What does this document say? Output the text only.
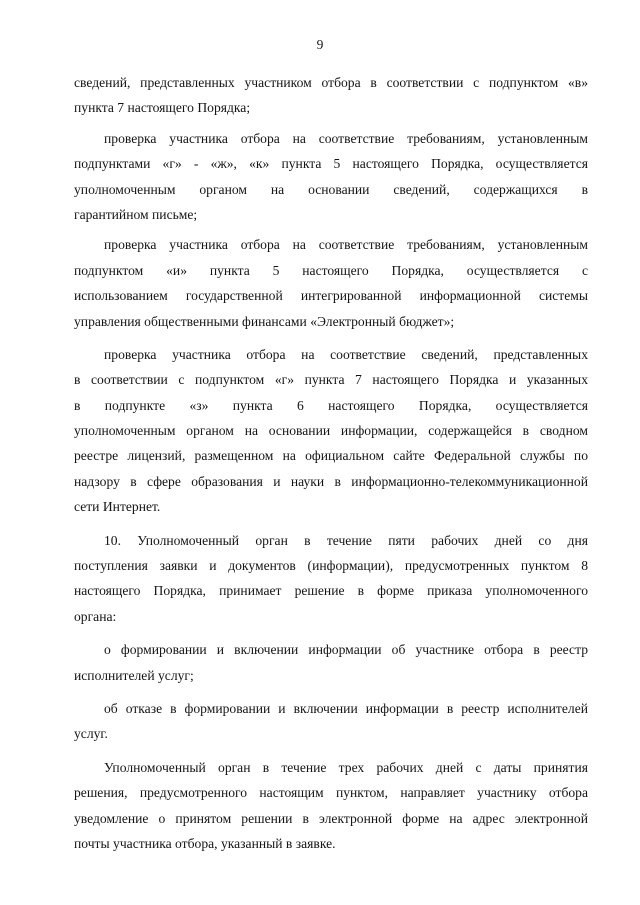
9
сведений, представленных участником отбора в соответствии с подпунктом «в»
пункта 7 настоящего Порядка;
проверка участника отбора на соответствие требованиям, установленным
подпунктами «г» - «ж», «к» пункта 5 настоящего Порядка, осуществляется
уполномоченным органом на основании сведений, содержащихся в
гарантийном письме;
проверка участника отбора на соответствие требованиям, установленным
подпунктом «и» пункта 5 настоящего Порядка, осуществляется с
использованием государственной интегрированной информационной системы
управления общественными финансами «Электронный бюджет»;
проверка участника отбора на соответствие сведений, представленных
в соответствии с подпунктом «г» пункта 7 настоящего Порядка и указанных
в подпункте «з» пункта 6 настоящего Порядка, осуществляется
уполномоченным органом на основании информации, содержащейся в сводном
реестре лицензий, размещенном на официальном сайте Федеральной службы по
надзору в сфере образования и науки в информационно-телекоммуникационной
сети Интернет.
10. Уполномоченный орган в течение пяти рабочих дней со дня
поступления заявки и документов (информации), предусмотренных пунктом 8
настоящего Порядка, принимает решение в форме приказа уполномоченного
органа:
о формировании и включении информации об участнике отбора в реестр
исполнителей услуг;
об отказе в формировании и включении информации в реестр исполнителей
услуг.
Уполномоченный орган в течение трех рабочих дней с даты принятия
решения, предусмотренного настоящим пунктом, направляет участнику отбора
уведомление о принятом решении в электронной форме на адрес электронной
почты участника отбора, указанный в заявке.
